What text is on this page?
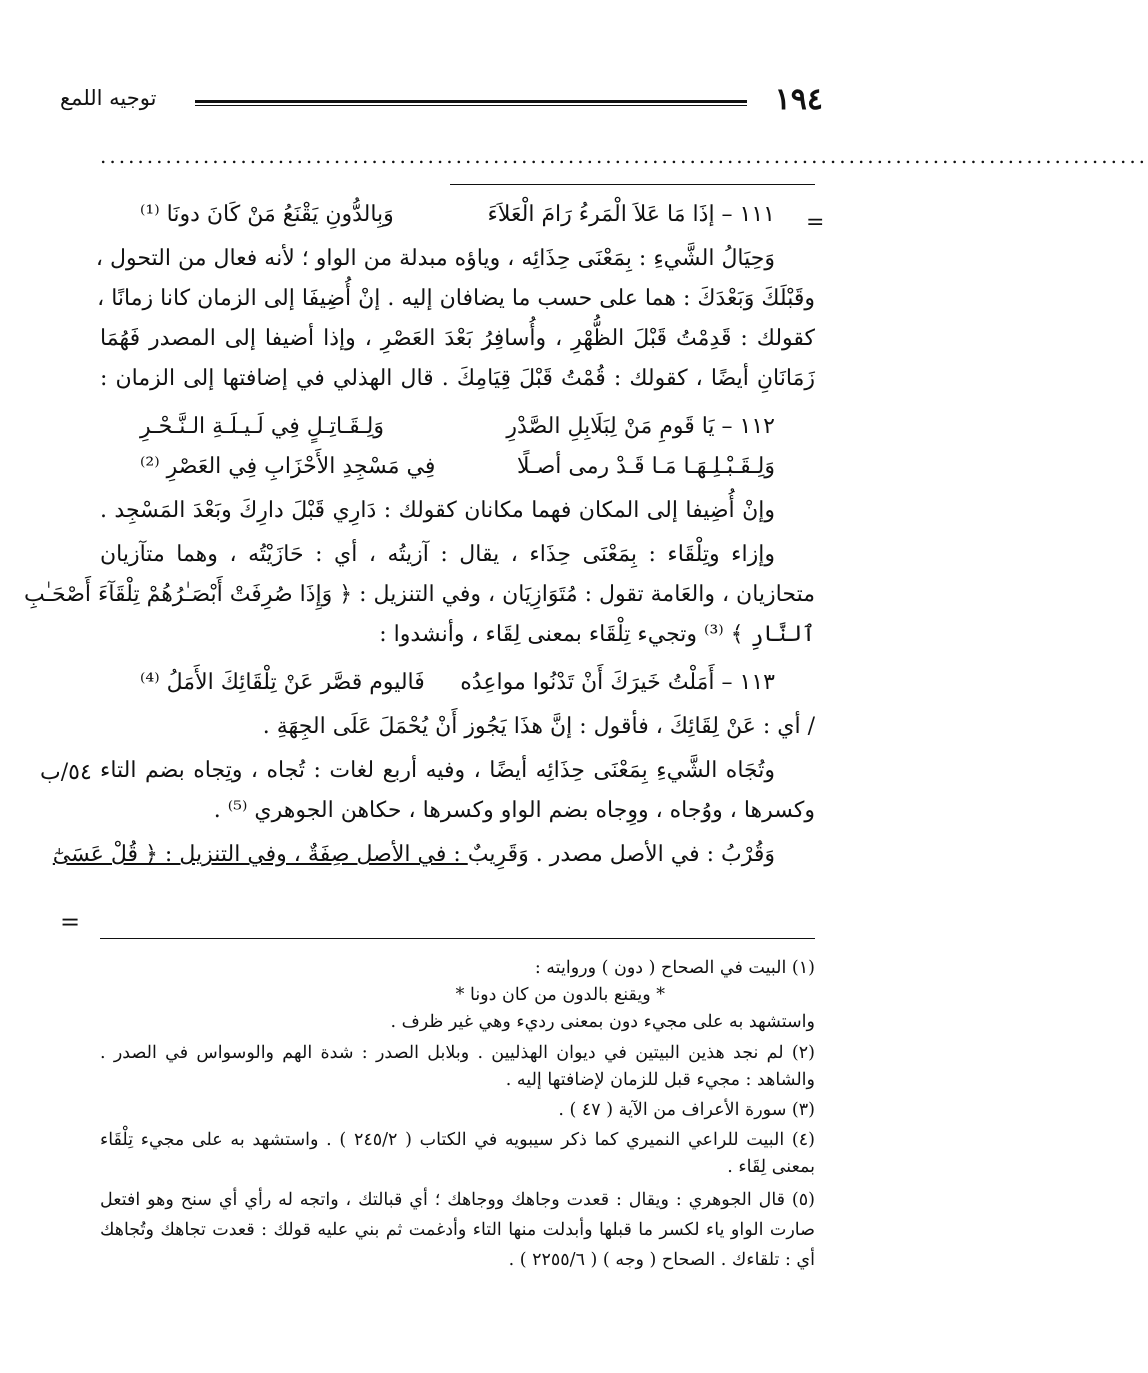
١٩٤
توجيه اللمع
................................................................................................................
=
٥٤/ب
=
١١١ – إذَا مَا عَلاَ الْمَرءُ رَامَ الْعَلاَءَ
وَبِالدُّونِ يَقْنَعُ مَنْ كَانَ دونَا ⁽¹⁾
وَحِيَالُ الشَّيءِ : بِمَعْنَى حِذَائِه ، وياؤه مبدلة من الواو ؛ لأنه فعال من التحول ،
وقَبْلَكَ وَبَعْدَكَ : هما على حسب ما يضافان إليه . إنْ أُضِيفَا إلى الزمان كانا زمانًا ،
كقولك : قَدِمْتُ قَبْلَ الظُّهْرِ ، وأُسافِرُ بَعْدَ العَصْرِ ، وإذا أضيفا إلى المصدر فَهُمَا
زَمَانَانِ أيضًا ، كقولك : قُمْتُ قَبْلَ قِيَامِكَ . قال الهذلي في إضافتها إلى الزمان :
١١٢ – يَا قَومِ مَنْ لِبَلَابِلِ الصَّدْرِ
وَلِـقَـاتِـلٍ فِي لَـيـلَـةِ الـنَّـحْـرِ
وَلِـقَـبْـلِـهَـا مَـا قَـدْ رمى أصـلًا
فِي مَسْجِدِ الأَحْزَابِ فِي العَصْرِ ⁽²⁾
وإنْ أُضِيفا إلى المكان فهما مكانان كقولك : دَارِي قَبْلَ دارِكَ وبَعْدَ المَسْجِد .
وإزاء وتِلْقَاء : بِمَعْنَى حِذَاء ، يقال : آزيتُه ، أي : حَازَيْتُه ، وهما متآزيان
متحازيان ، والعَامة تقول : مُتَوَازِيَان ، وفي التنزيل : ﴿ وَإِذَا صُرِفَتْ أَبْصَـٰرُهُمْ تِلْقَآءَ أَصْحَـٰبِ
ٱلنَّارِ ﴾ ⁽³⁾ وتجيء تِلْقَاء بمعنى لِقَاء ، وأنشدوا :
١١٣ – أَمَلْتُ خَيرَكَ أَنْ تَدْنُوا مواعِدُه
فَاليوم قصَّر عَنْ تِلْقَائِكَ الأَمَلُ ⁽⁴⁾
/ أي : عَنْ لِقَائِكَ ، فأقول : إنَّ هذَا يَجُوز أَنْ يُحْمَلَ عَلَى الجِهَةِ .
وتُجَاه الشَّيءِ بِمَعْنَى حِذَائِه أيضًا ، وفيه أربع لغات : تُجاه ، وتِجاه بضم التاء
وكسرها ، ووُجاه ، ووِجاه بضم الواو وكسرها ، حكاهن الجوهري ⁽⁵⁾ .
وَقُرْبُ : في الأصل مصدر . وَقَرِيبٌ : في الأصل صِفَةٌ ، وفي التنزيل : ﴿ قُلْ عَسَىٰٓ
(١) البيت في الصحاح ( دون ) وروايته :
* ويقنع بالدون من كان دونا *
واستشهد به على مجيء دون بمعنى رديء وهي غير ظرف .
(٢) لم نجد هذين البيتين في ديوان الهذليين . وبلابل الصدر : شدة الهم والوسواس في الصدر .
والشاهد : مجيء قبل للزمان لإضافتها إليه .
(٣) سورة الأعراف من الآية ( ٤٧ ) .
(٤) البيت للراعي النميري كما ذكر سيبويه في الكتاب ( ٢٤٥/٢ ) . واستشهد به على مجيء تِلْقَاء
بمعنى لِقَاء .
(٥) قال الجوهري : ويقال : قعدت وجاهك ووجاهك ؛ أي قبالتك ، واتجه له رأي أي سنح وهو افتعل
صارت الواو ياء لكسر ما قبلها وأبدلت منها التاء وأدغمت ثم بني عليه قولك : قعدت تجاهك وتُجاهك
أي : تلقاءك . الصحاح ( وجه ) ( ٢٢٥٥/٦ ) .
